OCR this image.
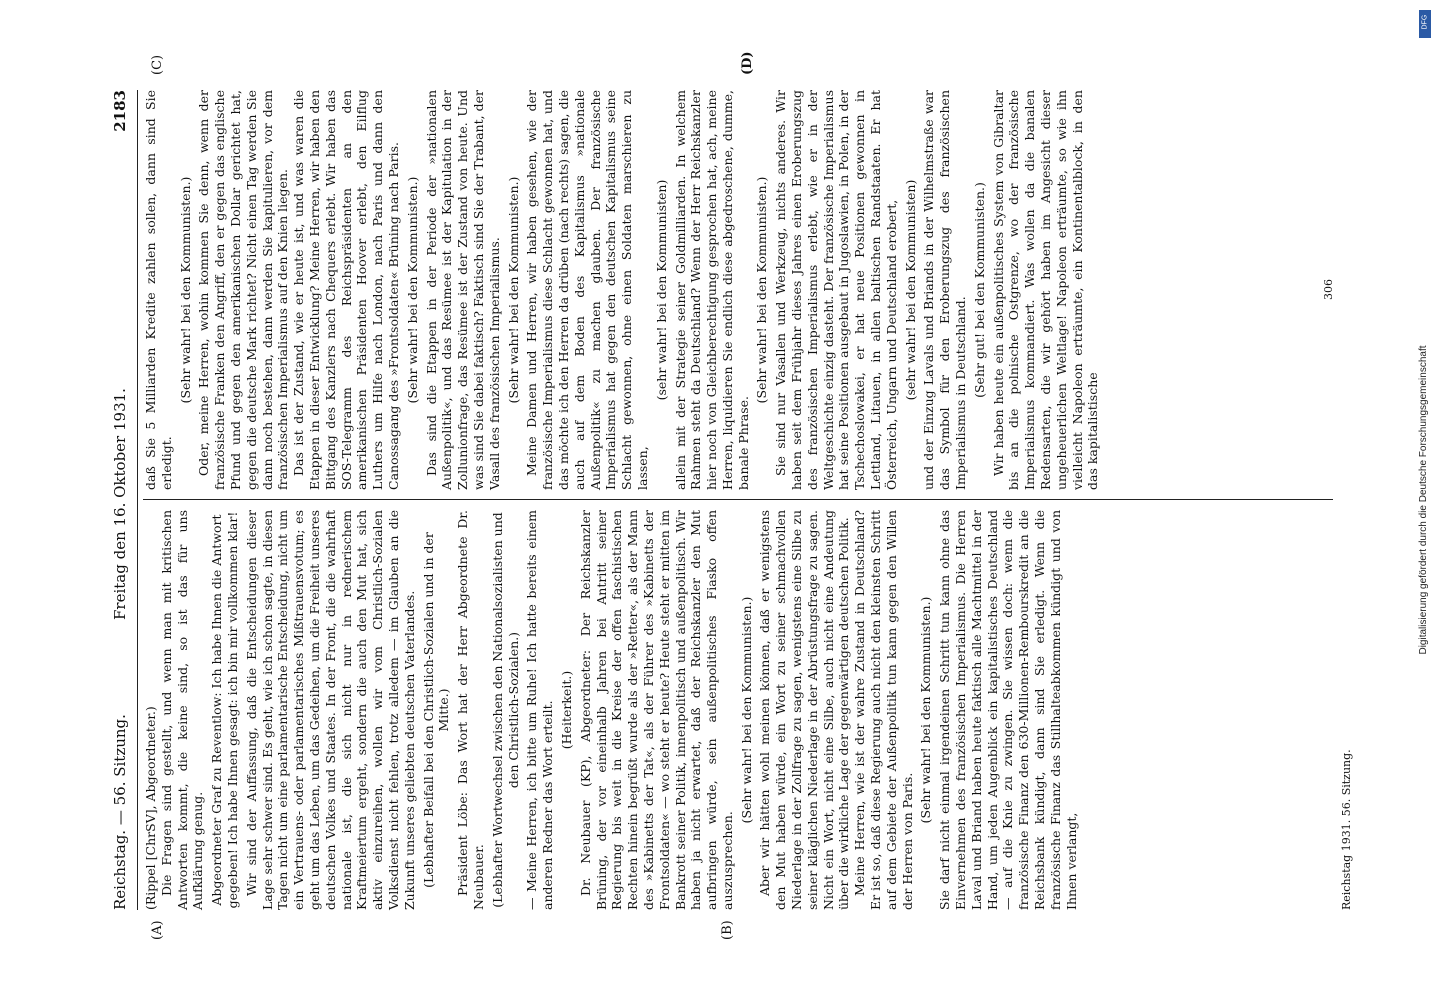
Reichstag. — 56. Sitzung.
Freitag den 16. Oktober 1931.
2183
(A)	(B)
(C)	(D)

(Rippel [ChrSV], Abgeordneter.) Die Fragen sind gestellt, und wenn man mit kritischen Antworten kommt, die keine sind, so ist das für uns Aufklärung genug. Abgeordneter Graf zu Reventlow: Ich habe Ihnen die Antwort gegeben! Ich habe Ihnen gesagt: ich bin mir vollkommen klar! Wir sind der Auffassung, daß die Entscheidungen dieser Lage sehr schwer sind. Es geht, wie ich schon sagte, in diesen Tagen nicht um eine parlamentarische Entscheidung, nicht um ein Vertrauens- oder parlamentarisches Mißtrauensvotum; es geht um das Leben, um das Gedeihen, um die Freiheit unseres deutschen Volkes und Staates. In der Front, die die wahrhaft nationale ist, die sich nicht nur in rednerischem Kraftmeiertum ergeht, sondern die auch den Mut hat, sich aktiv einzureihen, wollen wir vom Christlich-Sozialen Volksdienst nicht fehlen, trotz alledem — im Glauben an die Zukunft unseres geliebten deutschen Vaterlandes. (Lebhafter Beifall bei den Christlich-Sozialen und in der Mitte.) Präsident Löbe: Das Wort hat der Herr Abgeordnete Dr. Neubauer. (Lebhafter Wortwechsel zwischen den Nationalsozialisten und den Christlich-Sozialen.) — Meine Herren, ich bitte um Ruhe! Ich hatte bereits einem anderen Redner das Wort erteilt. (Heiterkeit.) Dr. Neubauer (KP), Abgeordneter: Der Reichskanzler Brüning, der vor eineinhalb Jahren bei Antritt seiner Regierung bis weit in die Kreise der offen faschistischen Rechten hinein begrüßt wurde als der »Retter«, als der Mann des »Kabinetts der Tat«, als der Führer des »Kabinetts der Frontsoldaten« — wo steht er heute? Heute steht er mitten im Bankrott seiner Politik, innenpolitisch und außenpolitisch. Wir haben ja nicht erwartet, daß der Reichskanzler den Mut aufbringen würde, sein außenpolitisches Fiasko offen auszusprechen.

(Sehr wahr! bei den Kommunisten.) Aber wir hätten wohl meinen können, daß er wenigstens den Mut haben würde, ein Wort zu seiner schmachvollen Niederlage in der Zollfrage zu sagen, wenigstens eine Silbe zu seiner kläglichen Niederlage in der Abrüstungsfrage zu sagen. Nicht ein Wort, nicht eine Silbe, auch nicht eine Andeutung über die wirkliche Lage der gegenwärtigen deutschen Politik. Meine Herren, wie ist der wahre Zustand in Deutschland? Er ist so, daß diese Regierung auch nicht den kleinsten Schritt auf dem Gebiete der Außenpolitik tun kann gegen den Willen der Herren von Paris.

(Sehr wahr! bei den Kommunisten.) Sie darf nicht einmal irgendeinen Schritt tun kann ohne das Einvernehmen des französischen Imperialismus. Die Herren Laval und Briand haben heute faktisch alle Machtmittel in der Hand, um jeden Augenblick ein kapitalistisches Deutschland — auf die Knie zu zwingen. Sie wissen doch: wenn die französische Finanz den 630-Millionen-Rembourskredit an die Reichsbank kündigt, dann sind Sie erledigt. Wenn die französische Finanz das Stillhalteabkommen kündigt und von Ihnen verlangt,

daß Sie 5 Milliarden Kredite zahlen sollen, dann sind Sie erledigt.

(Sehr wahr! bei den Kommunisten.) Oder, meine Herren, wohin kommen Sie denn, wenn der französische Franken den Angriff, den er gegen das englische Pfund und gegen den amerikanischen Dollar gerichtet hat, gegen die deutsche Mark richtet? Nicht einen Tag werden Sie dann noch bestehen, dann werden Sie kapitulieren, vor dem französischen Imperialismus auf den Knien liegen. Das ist der Zustand, wie er heute ist, und was waren die Etappen in dieser Entwicklung? Meine Herren, wir haben den Bittgang des Kanzlers nach Chequers erlebt. Wir haben das SOS-Telegramm des Reichspräsidenten an den amerikanischen Präsidenten Hoover erlebt, den Eilflug Luthers um Hilfe nach London, nach Paris und dann den Canossagang des »Frontsoldaten« Brüning nach Paris. (Sehr wahr! bei den Kommunisten.) Das sind die Etappen in der Periode der »nationalen Außenpolitik«, und das Resümee ist der Kapitulation in der Zollunionfrage, das Resümee ist der Zustand von heute. Und was sind Sie dabei faktisch? Faktisch sind Sie der Trabant, der Vasall des französischen Imperialismus. (Sehr wahr! bei den Kommunisten.) Meine Damen und Herren, wir haben gesehen, wie der französische Imperialismus diese Schlacht gewonnen hat, und das möchte ich den Herren da drüben (nach rechts) sagen, die auch auf dem Boden des Kapitalismus »nationale Außenpolitik« zu machen glauben. Der französische Imperialismus hat gegen den deutschen Kapitalismus seine Schlacht gewonnen, ohne einen Soldaten marschieren zu lassen,

(sehr wahr! bei den Kommunisten) allein mit der Strategie seiner Goldmilliarden. In welchem Rahmen steht da Deutschland? Wenn der Herr Reichskanzler hier noch von Gleichberechtigung gesprochen hat, ach, meine Herren, liquidieren Sie endlich diese abgedroschene, dumme, banale Phrase.

(Sehr wahr! bei den Kommunisten.) Sie sind nur Vasallen und Werkzeug, nichts anderes. Wir haben seit dem Frühjahr dieses Jahres einen Eroberungszug des französischen Imperialismus erlebt, wie er in der Weltgeschichte einzig dasteht. Der französische Imperialismus hat seine Positionen ausgebaut in Jugoslawien, in Polen, in der Tschechoslowakei, er hat neue Positionen gewonnen in Lettland, Litauen, in allen baltischen Randstaaten. Er hat Österreich, Ungarn und Deutschland erobert, (sehr wahr! bei den Kommunisten) und der Einzug Lavals und Briands in der Wilhelmstraße war das Symbol für den Eroberungszug des französischen Imperialismus in Deutschland. (Sehr gut! bei den Kommunisten.) Wir haben heute ein außenpolitisches System von Gibraltar bis an die polnische Ostgrenze, wo der französische Imperialismus kommandiert. Was wollen da die banalen Redensarten, die wir gehört haben im Angesicht dieser ungeheuerlichen Weltlage! Napoleon erträumte, so wie ihn vielleicht Napoleon erträumte, ein Kontinentalblock, in den das kapitalistische

Reichstag 1931. 56. Sitzung.
306
Digitalisierung gefördert durch die Deutsche Forschungsgemeinschaft
DFG
